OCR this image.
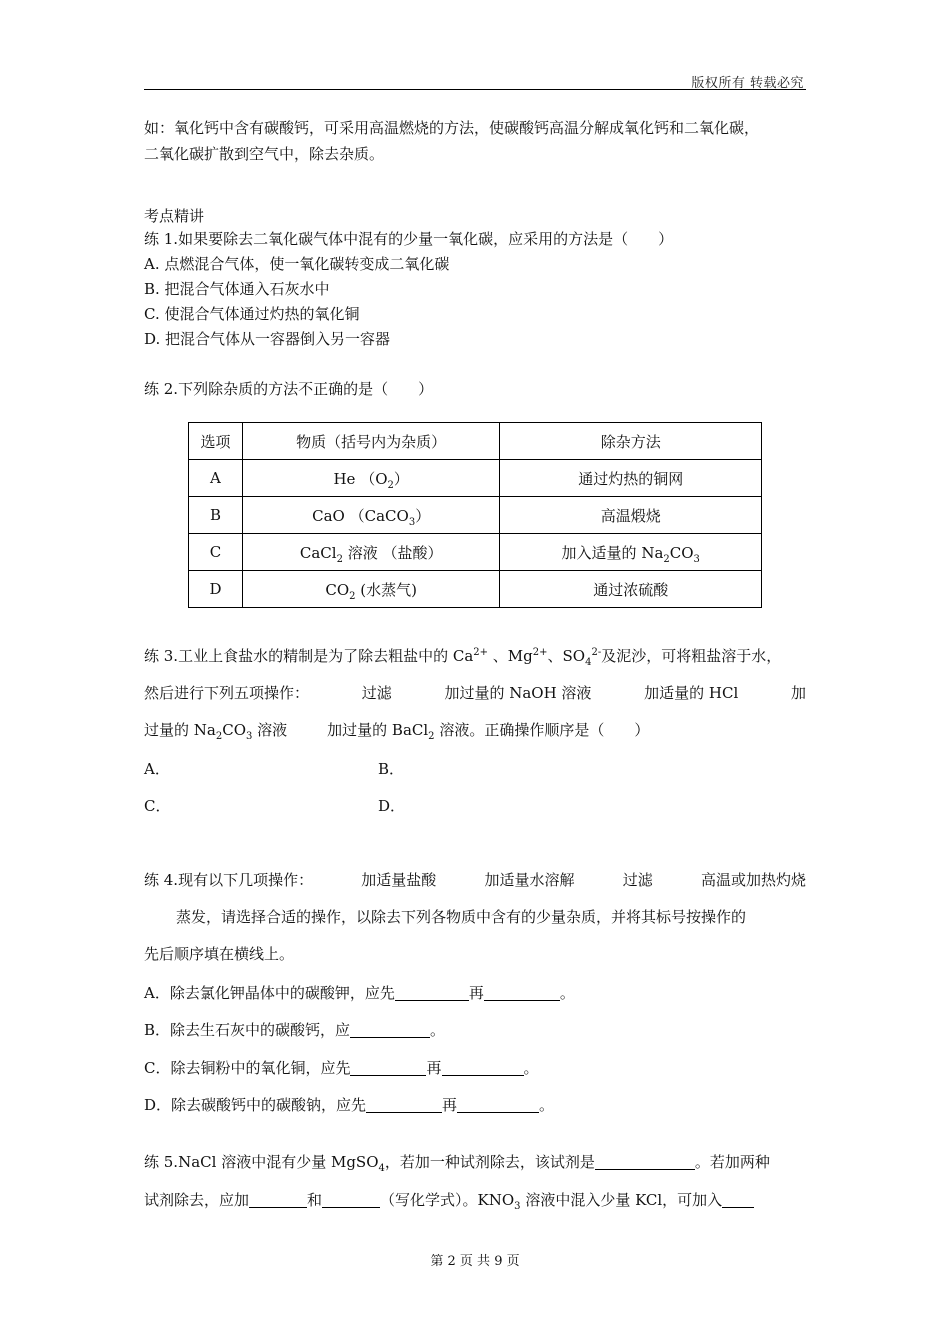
版权所有 转载必究
如：氧化钙中含有碳酸钙，可采用高温燃烧的方法，使碳酸钙高温分解成氧化钙和二氧化碳，
二氧化碳扩散到空气中，除去杂质。
考点精讲
练 1.如果要除去二氧化碳气体中混有的少量一氧化碳，应采用的方法是（　　）
A. 点燃混合气体，使一氧化碳转变成二氧化碳
B. 把混合气体通入石灰水中
C. 使混合气体通过灼热的氧化铜
D. 把混合气体从一容器倒入另一容器
练 2.下列除杂质的方法不正确的是（　　）
选项	物质（括号内为杂质）	除杂方法
A	He $(O_2)$	通过灼热的铜网
B	CaO （CaCO$_3$）	高温煅烧
C	CaCl$_2$ 溶液 （盐酸）	加入适量的 $Na_2CO_3$
D	$CO_2$ (水蒸气)	通过浓硫酸
练 3.工业上食盐水的精制是为了除去粗盐中的 $Ca^{2+}$ 、$Mg^{2+}$、$SO_4^{2-}$及泥沙，可将粗盐溶于水，
然后进行下列五项操作：	过滤	加过量的 NaOH 溶液	加适量的 HCl	加
过量的 $Na_2CO_3$ 溶液	加过量的 BaCl$_2$ 溶液。正确操作顺序是（　　）
A．	B．
C．	D．
练 4.现有以下几项操作：	加适量盐酸	加适量水溶解	过滤	高温或加热灼烧
蒸发，请选择合适的操作，以除去下列各物质中含有的少量杂质，并将其标号按操作的
先后顺序填在横线上。
A．除去氯化钾晶体中的碳酸钾，应先	再	。
B．除去生石灰中的碳酸钙，应	。
C．除去铜粉中的氧化铜，应先	再	。
D．除去碳酸钙中的碳酸钠，应先	再	。
练 5.NaCl 溶液中混有少量 MgSO$_4$，若加一种试剂除去，该试剂是	。若加两种
试剂除去，应加	和	（写化学式）。$KNO_3$ 溶液中混入少量 KCl，可加入
第 2 页 共 9 页
